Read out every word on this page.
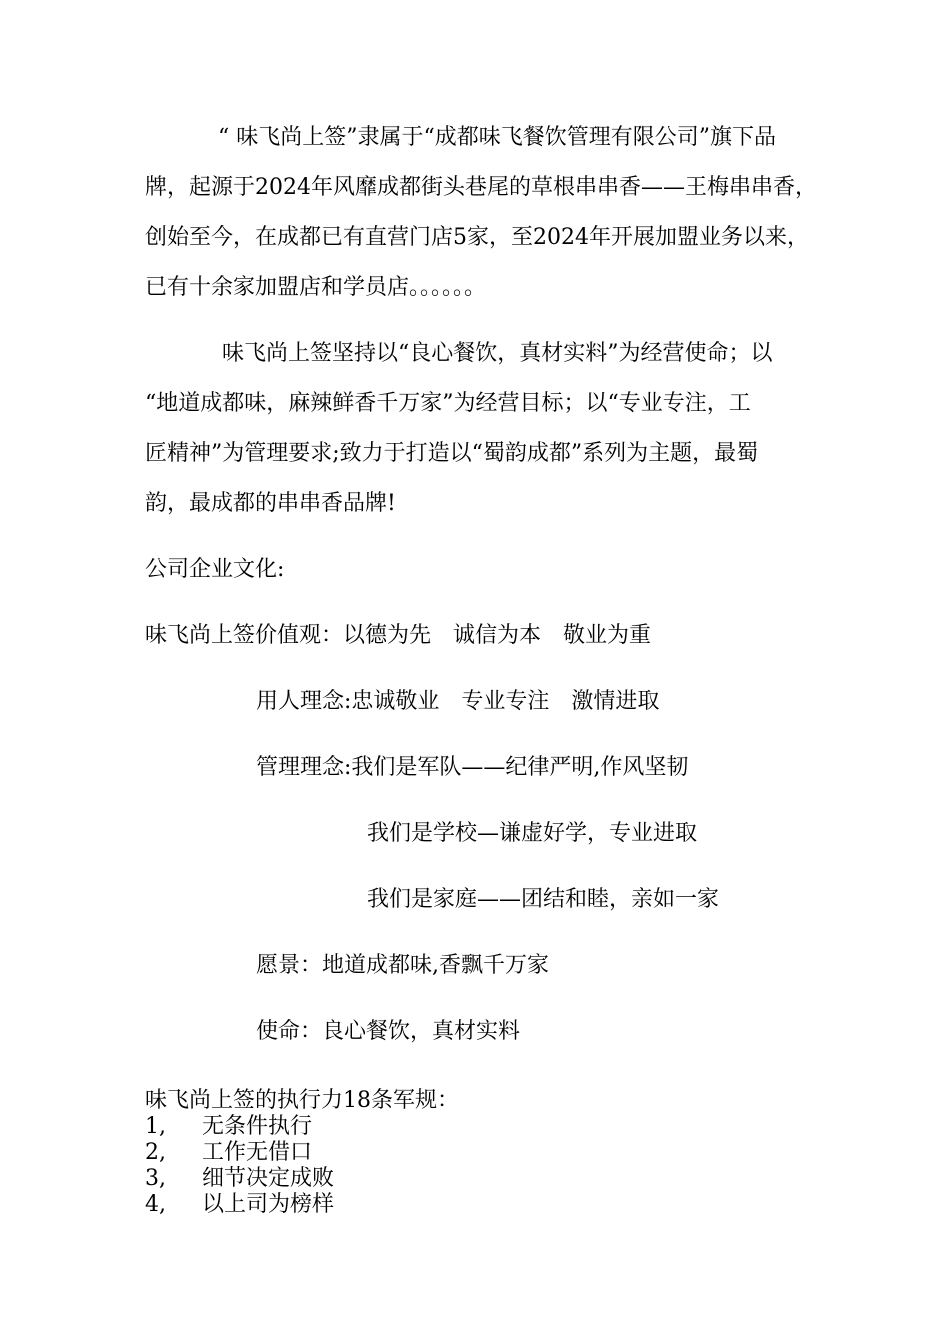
“ 味飞尚上签”隶属于“成都味飞餐饮管理有限公司”旗下品
牌，起源于2024年风靡成都街头巷尾的草根串串香——王梅串串香，
创始至今，在成都已有直营门店5家，至2024年开展加盟业务以来，
已有十余家加盟店和学员店。。。。。。
味飞尚上签坚持以“良心餐饮，真材实料”为经营使命；以
“地道成都味，麻辣鲜香千万家”为经营目标；以“专业专注，工
匠精神”为管理要求;致力于打造以“蜀韵成都”系列为主题，最蜀
韵，最成都的串串香品牌!
公司企业文化:
味飞尚上签价值观：以德为先　诚信为本　敬业为重
用人理念:忠诚敬业　专业专注　激情进取
管理理念:我们是军队——纪律严明,作风坚韧
我们是学校—谦虚好学，专业进取
我们是家庭——团结和睦，亲如一家
愿景：地道成都味,香飘千万家
使命：良心餐饮，真材实料
味飞尚上签的执行力18条军规：
1, 无条件执行
2, 工作无借口
3, 细节决定成败
4, 以上司为榜样
